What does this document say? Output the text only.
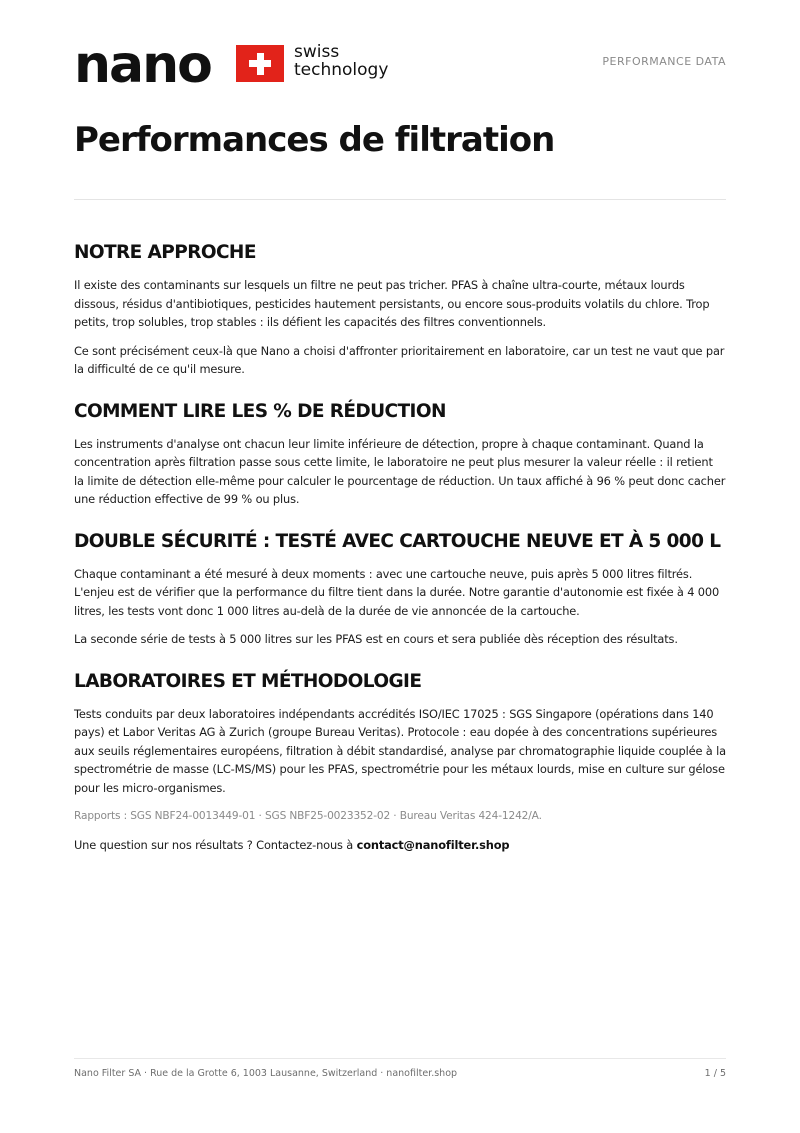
nano	swiss
technology	PERFORMANCE DATA
Performances de filtration
NOTRE APPROCHE

Il existe des contaminants sur lesquels un filtre ne peut pas tricher. PFAS à chaîne ultra-courte, métaux lourds dissous, résidus d'antibiotiques, pesticides hautement persistants, ou encore sous-produits volatils du chlore. Trop petits, trop solubles, trop stables : ils défient les capacités des filtres conventionnels.

Ce sont précisément ceux-là que Nano a choisi d'affronter prioritairement en laboratoire, car un test ne vaut que par la difficulté de ce qu'il mesure.

COMMENT LIRE LES % DE RÉDUCTION

Les instruments d'analyse ont chacun leur limite inférieure de détection, propre à chaque contaminant. Quand la concentration après filtration passe sous cette limite, le laboratoire ne peut plus mesurer la valeur réelle : il retient la limite de détection elle-même pour calculer le pourcentage de réduction. Un taux affiché à 96 % peut donc cacher une réduction effective de 99 % ou plus.

DOUBLE SÉCURITÉ : TESTÉ AVEC CARTOUCHE NEUVE ET À 5 000 L

Chaque contaminant a été mesuré à deux moments : avec une cartouche neuve, puis après 5 000 litres filtrés. L'enjeu est de vérifier que la performance du filtre tient dans la durée. Notre garantie d'autonomie est fixée à 4 000 litres, les tests vont donc 1 000 litres au-delà de la durée de vie annoncée de la cartouche.

La seconde série de tests à 5 000 litres sur les PFAS est en cours et sera publiée dès réception des résultats.

LABORATOIRES ET MÉTHODOLOGIE

Tests conduits par deux laboratoires indépendants accrédités ISO/IEC 17025 : SGS Singapore (opérations dans 140 pays) et Labor Veritas AG à Zurich (groupe Bureau Veritas). Protocole : eau dopée à des concentrations supérieures aux seuils réglementaires européens, filtration à débit standardisé, analyse par chromatographie liquide couplée à la spectrométrie de masse (LC-MS/MS) pour les PFAS, spectrométrie pour les métaux lourds, mise en culture sur gélose pour les micro-organismes.

Rapports : SGS NBF24-0013449-01 · SGS NBF25-0023352-02 · Bureau Veritas 424-1242/A.

Une question sur nos résultats ? Contactez-nous à contact@nanofilter.shop

Nano Filter SA · Rue de la Grotte 6, 1003 Lausanne, Switzerland · nanofilter.shop	1 / 5
